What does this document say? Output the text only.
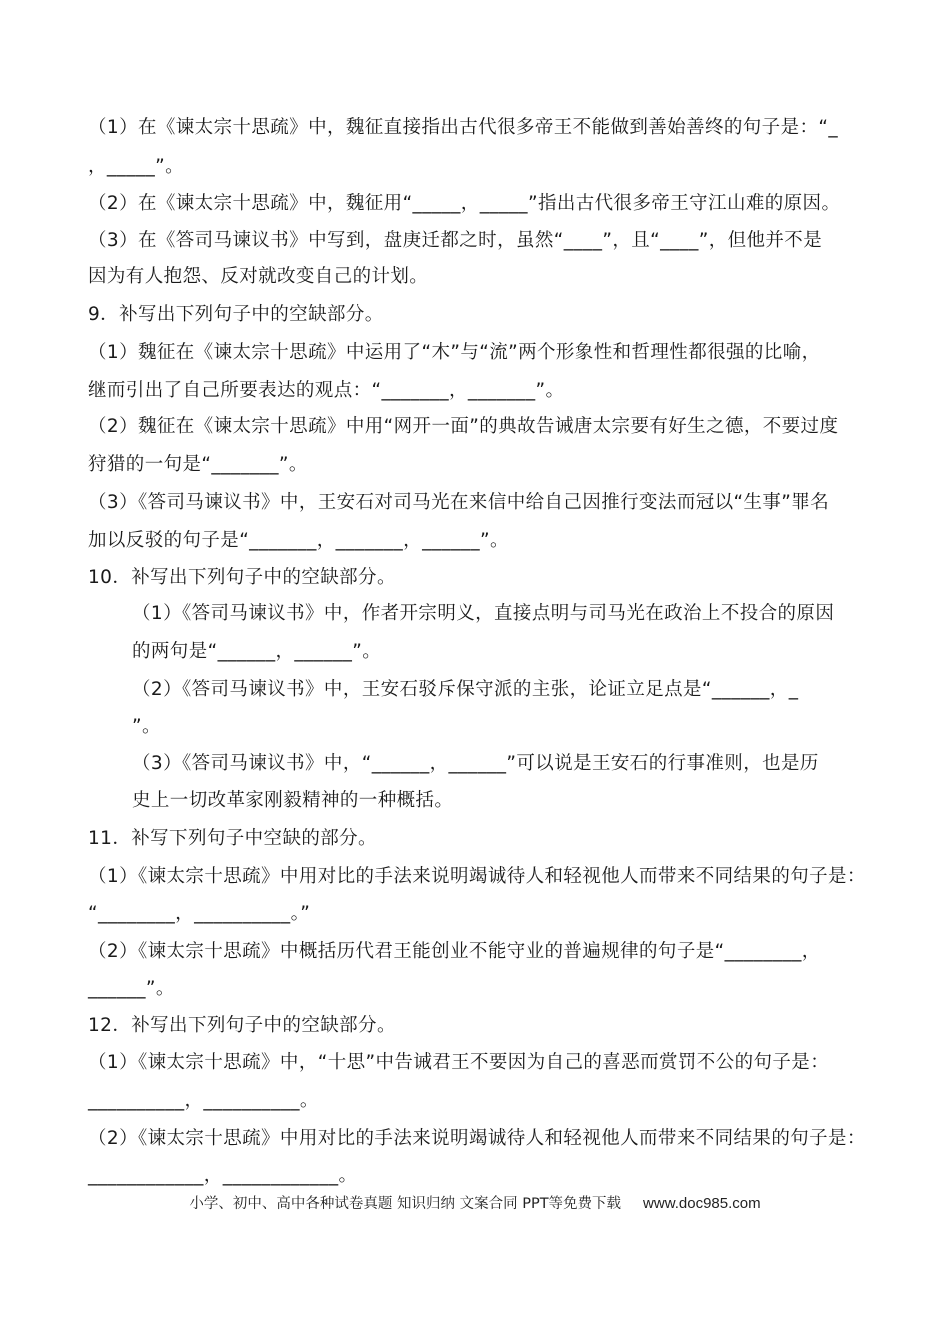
（1）在《谏太宗十思疏》中，魏征直接指出古代很多帝王不能做到善始善终的句子是：“_
，_____”。
（2）在《谏太宗十思疏》中，魏征用“_____，_____”指出古代很多帝王守江山难的原因。
（3）在《答司马谏议书》中写到，盘庚迁都之时，虽然“____”，且“____”，但他并不是
因为有人抱怨、反对就改变自己的计划。
9．补写出下列句子中的空缺部分。
（1）魏征在《谏太宗十思疏》中运用了“木”与“流”两个形象性和哲理性都很强的比喻，
继而引出了自己所要表达的观点：“_______，_______”。
（2）魏征在《谏太宗十思疏》中用“网开一面”的典故告诫唐太宗要有好生之德，不要过度
狩猎的一句是“_______”。
（3）《答司马谏议书》中，王安石对司马光在来信中给自己因推行变法而冠以“生事”罪名
加以反驳的句子是“_______，_______，______”。
10．补写出下列句子中的空缺部分。
（1）《答司马谏议书》中，作者开宗明义，直接点明与司马光在政治上不投合的原因
的两句是“______，______”。
（2）《答司马谏议书》中，王安石驳斥保守派的主张，论证立足点是“______，_
”。
（3）《答司马谏议书》中，“______，______”可以说是王安石的行事准则，也是历
史上一切改革家刚毅精神的一种概括。
11．补写下列句子中空缺的部分。
（1）《谏太宗十思疏》中用对比的手法来说明竭诚待人和轻视他人而带来不同结果的句子是：
“________，__________。”
（2）《谏太宗十思疏》中概括历代君王能创业不能守业的普遍规律的句子是“________，
______”。
12．补写出下列句子中的空缺部分。
（1）《谏太宗十思疏》中，“十思”中告诫君王不要因为自己的喜恶而赏罚不公的句子是：
__________，__________。
（2）《谏太宗十思疏》中用对比的手法来说明竭诚待人和轻视他人而带来不同结果的句子是：
____________，____________。
小学、初中、高中各种试卷真题 知识归纳 文案合同 PPT等免费下载 www.doc985.com
